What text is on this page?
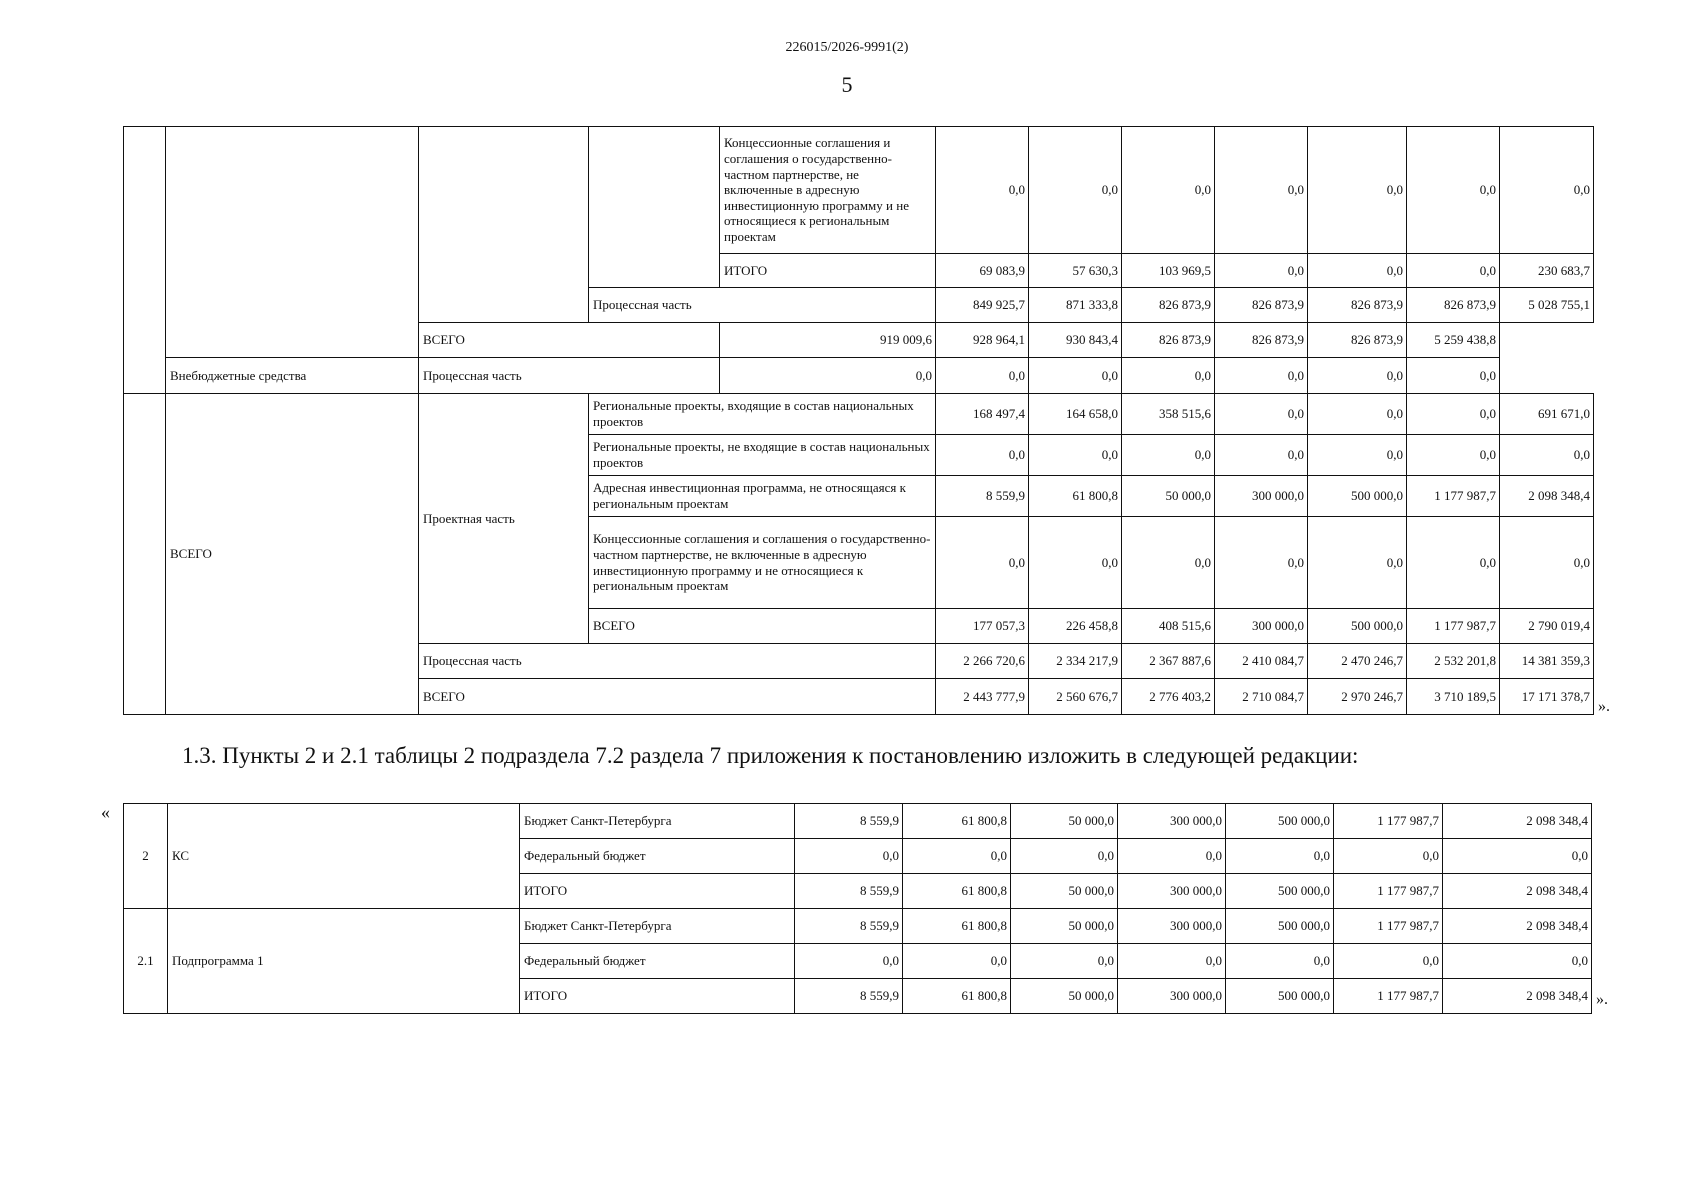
226015/2026-9991(2)
5
				Концессионные соглашения и соглашения о государственно-частном партнерстве, не включенные в адресную инвестиционную программу и не относящиеся к региональным проектам	0,0	0,0	0,0	0,0	0,0	0,0	0,0
				ИТОГО	69 083,9	57 630,3	103 969,5	0,0	0,0	0,0	230 683,7
			Процессная часть		849 925,7	871 333,8	826 873,9	826 873,9	826 873,9	826 873,9	5 028 755,1
		ВСЕГО		919 009,6	928 964,1	930 843,4	826 873,9	826 873,9	826 873,9	5 259 438,8	
	Внебюджетные средства	Процессная часть		0,0	0,0	0,0	0,0	0,0	0,0	0,0	
	ВСЕГО	Проектная часть	Региональные проекты, входящие в состав национальных проектов		168 497,4	164 658,0	358 515,6	0,0	0,0	0,0	691 671,0
			Региональные проекты, не входящие в состав национальных проектов		0,0	0,0	0,0	0,0	0,0	0,0	0,0
			Адресная инвестиционная программа, не относящаяся к региональным проектам		8 559,9	61 800,8	50 000,0	300 000,0	500 000,0	1 177 987,7	2 098 348,4
			Концессионные соглашения и соглашения о государственно-частном партнерстве, не включенные в адресную инвестиционную программу и не относящиеся к региональным проектам		0,0	0,0	0,0	0,0	0,0	0,0	0,0
			ВСЕГО		177 057,3	226 458,8	408 515,6	300 000,0	500 000,0	1 177 987,7	2 790 019,4
		Процессная часть			2 266 720,6	2 334 217,9	2 367 887,6	2 410 084,7	2 470 246,7	2 532 201,8	14 381 359,3
		ВСЕГО			2 443 777,9	2 560 676,7	2 776 403,2	2 710 084,7	2 970 246,7	3 710 189,5	17 171 378,7
».
1.3. Пункты 2 и 2.1 таблицы 2 подраздела 7.2 раздела 7 приложения к постановлению изложить в следующей редакции:
«
2	КС	Бюджет Санкт-Петербурга	8 559,9	61 800,8	50 000,0	300 000,0	500 000,0	1 177 987,7	2 098 348,4
		Федеральный бюджет	0,0	0,0	0,0	0,0	0,0	0,0	0,0
		ИТОГО	8 559,9	61 800,8	50 000,0	300 000,0	500 000,0	1 177 987,7	2 098 348,4
2.1	Подпрограмма 1	Бюджет Санкт-Петербурга	8 559,9	61 800,8	50 000,0	300 000,0	500 000,0	1 177 987,7	2 098 348,4
		Федеральный бюджет	0,0	0,0	0,0	0,0	0,0	0,0	0,0
		ИТОГО	8 559,9	61 800,8	50 000,0	300 000,0	500 000,0	1 177 987,7	2 098 348,4 ».
